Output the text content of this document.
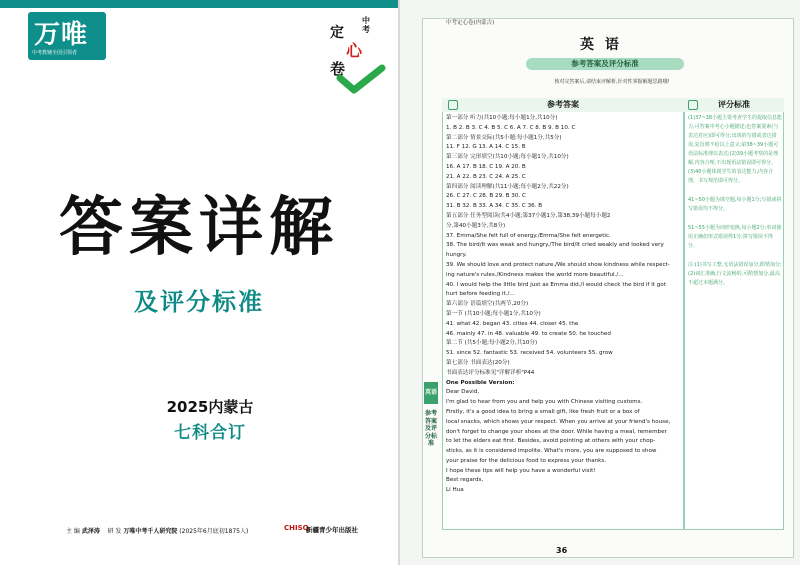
万唯
中考教辅全国引领者
定
中考
心
卷
答案详解
及评分标准
2025内蒙古
七科合订
主 编 武泽涛 研 发 万唯中考千人研究院 (2025年6月底初1875人)	CHISQ
新疆青少年出版社
中考定心卷(内蒙古)
英 语
参考答案及评分标准
核对完答案后,请结束评解析,针对性掌握解题思路哦!
参考答案	评分标准
第一部分 听力(共10小题;每小题1分,共10分)
1. B 2. B 3. C 4. B 5. C 6. A 7. C 8. B 9. B 10. C
第二部分 情景交际(共5小题;每小题1分,共5分)
11. F 12. G 13. A 14. C 15. B
第三部分 完形填空(共10小题;每小题1分,共10分)
16. A 17. B 18. C 19. A 20. B
21. A 22. B 23. C 24. A 25. C
第四部分 阅读理解(共11小题;每小题2分,共22分)
26. C 27. C 28. B 29. B 30. C
31. B 32. B 33. A 34. C 35. C 36. B
第五部分 任务型阅读(共4小题;第37小题1分,第38,39小题每小题2
分,第40小题3分,共8分)
37. Emma/She felt full of energy./Emma/She felt energetic.
38. The bird/It was weak and hungry./The bird/It cried weakly and looked very
hungry.
39. We should love and protect nature./We should show kindness while respect-
ing nature's rules./Kindness makes the world more beautiful./...
40. I would help the little bird just as Emma did./I would check the bird if it got
hurt before feeding it./...
第六部分 语篇填空(共两节,20分)
第一节 (共10小题;每小题1分,共10分)
41. what 42. began 43. cities 44. closer 45. the
46. mainly 47. in 48. valuable 49. to create 50. he touched
第二节 (共5小题;每小题2分,共10分)
51. since 52. fantastic 53. received 54. volunteers 55. grow
第七部分 书面表达(20分)
书面表达评分标准见"详解详析"P44
One Possible Version:
Dear David,
I'm glad to hear from you and help you with Chinese visiting customs.
Firstly, it's a good idea to bring a small gift, like fresh fruit or a box of
local snacks, which shows your respect. When you arrive at your friend's house,
don't forget to change your shoes at the door. While having a meal, remember
to let the elders eat first. Besides, avoid pointing at others with your chop-
sticks, as it is considered impolite. What's more, you are supposed to show
your praise for the delicious food to express your thanks.
I hope these tips will help you have a wonderful visit!
Best regards,
Li Hua
(1)37~38小题主要考查学生的提取信息能力,可答案中考心小题描述;也答案要素(与表达对应)即可得分;出现的写错或表达错误,复旨则不给以上意义;第38~39小题可语法标准理以表达;(2)39小题考察的是理解,内容合理,不出现语法错误即可得分。(3)40小题体现学生的表达能力,内容合理、书写规范即可得分。
41~50小题为填空题,每小题1分;写错或拼写错误均不得分。
51~55小题为词形变换,每小题2分;单词使用正确但形式错误得1分;拼写错误不得分。
注:(1)书写工整,无语法错误加分,酌情加分;(2)词汇准确,行文流畅的,可酌情加分,最高不超过本题满分。
英语
参考答案及评分标准
36
